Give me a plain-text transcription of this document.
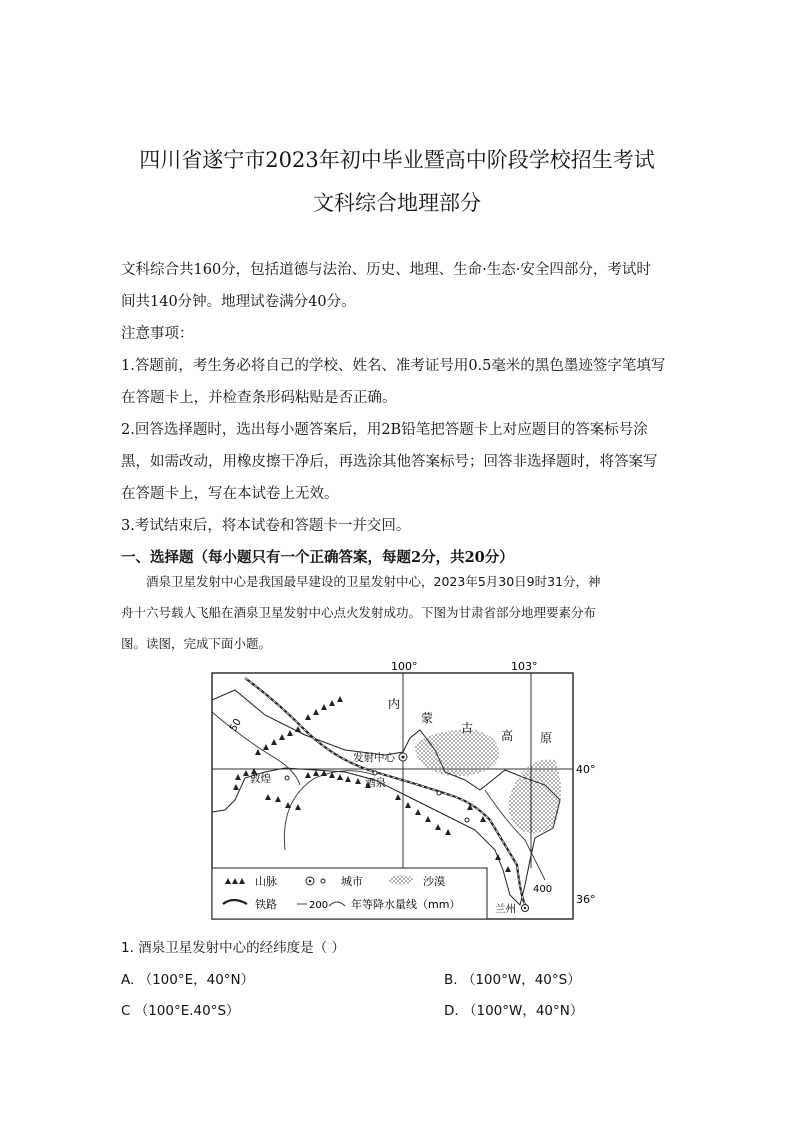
四川省遂宁市2023年初中毕业暨高中阶段学校招生考试
文科综合地理部分

文科综合共160分，包括道德与法治、历史、地理、生命·生态·安全四部分，考试时

间共140分钟。地理试卷满分40分。

注意事项：

1.答题前，考生务必将自己的学校、姓名、准考证号用0.5毫米的黑色墨迹签字笔填写

在答题卡上，并检查条形码粘贴是否正确。

2.回答选择题时，选出每小题答案后，用2B铅笔把答题卡上对应题目的答案标号涂

黑，如需改动，用橡皮擦干净后，再选涂其他答案标号；回答非选择题时，将答案写

在答题卡上，写在本试卷上无效。

3.考试结束后，将本试卷和答题卡一并交回。

一、选择题（每小题只有一个正确答案，每题2分，共20分）

酒泉卫星发射中心是我国最早建设的卫星发射中心，2023年5月30日9时31分，神

舟十六号载人飞船在酒泉卫星发射中心点火发射成功。下图为甘肃省部分地理要素分布

图。读图，完成下面小题。

100°	103°
40°
36°
50
400
内
蒙
古
高 原
发射中心
酒泉
敦煌
兰州
山脉	城市	沙漠
铁路	200 年等降水量线（mm）
1. 酒泉卫星发射中心的经纬度是（ ）
A. （100°E，40°N）	B. （100°W，40°S）
C （100°E.40°S）	D. （100°W，40°N）
